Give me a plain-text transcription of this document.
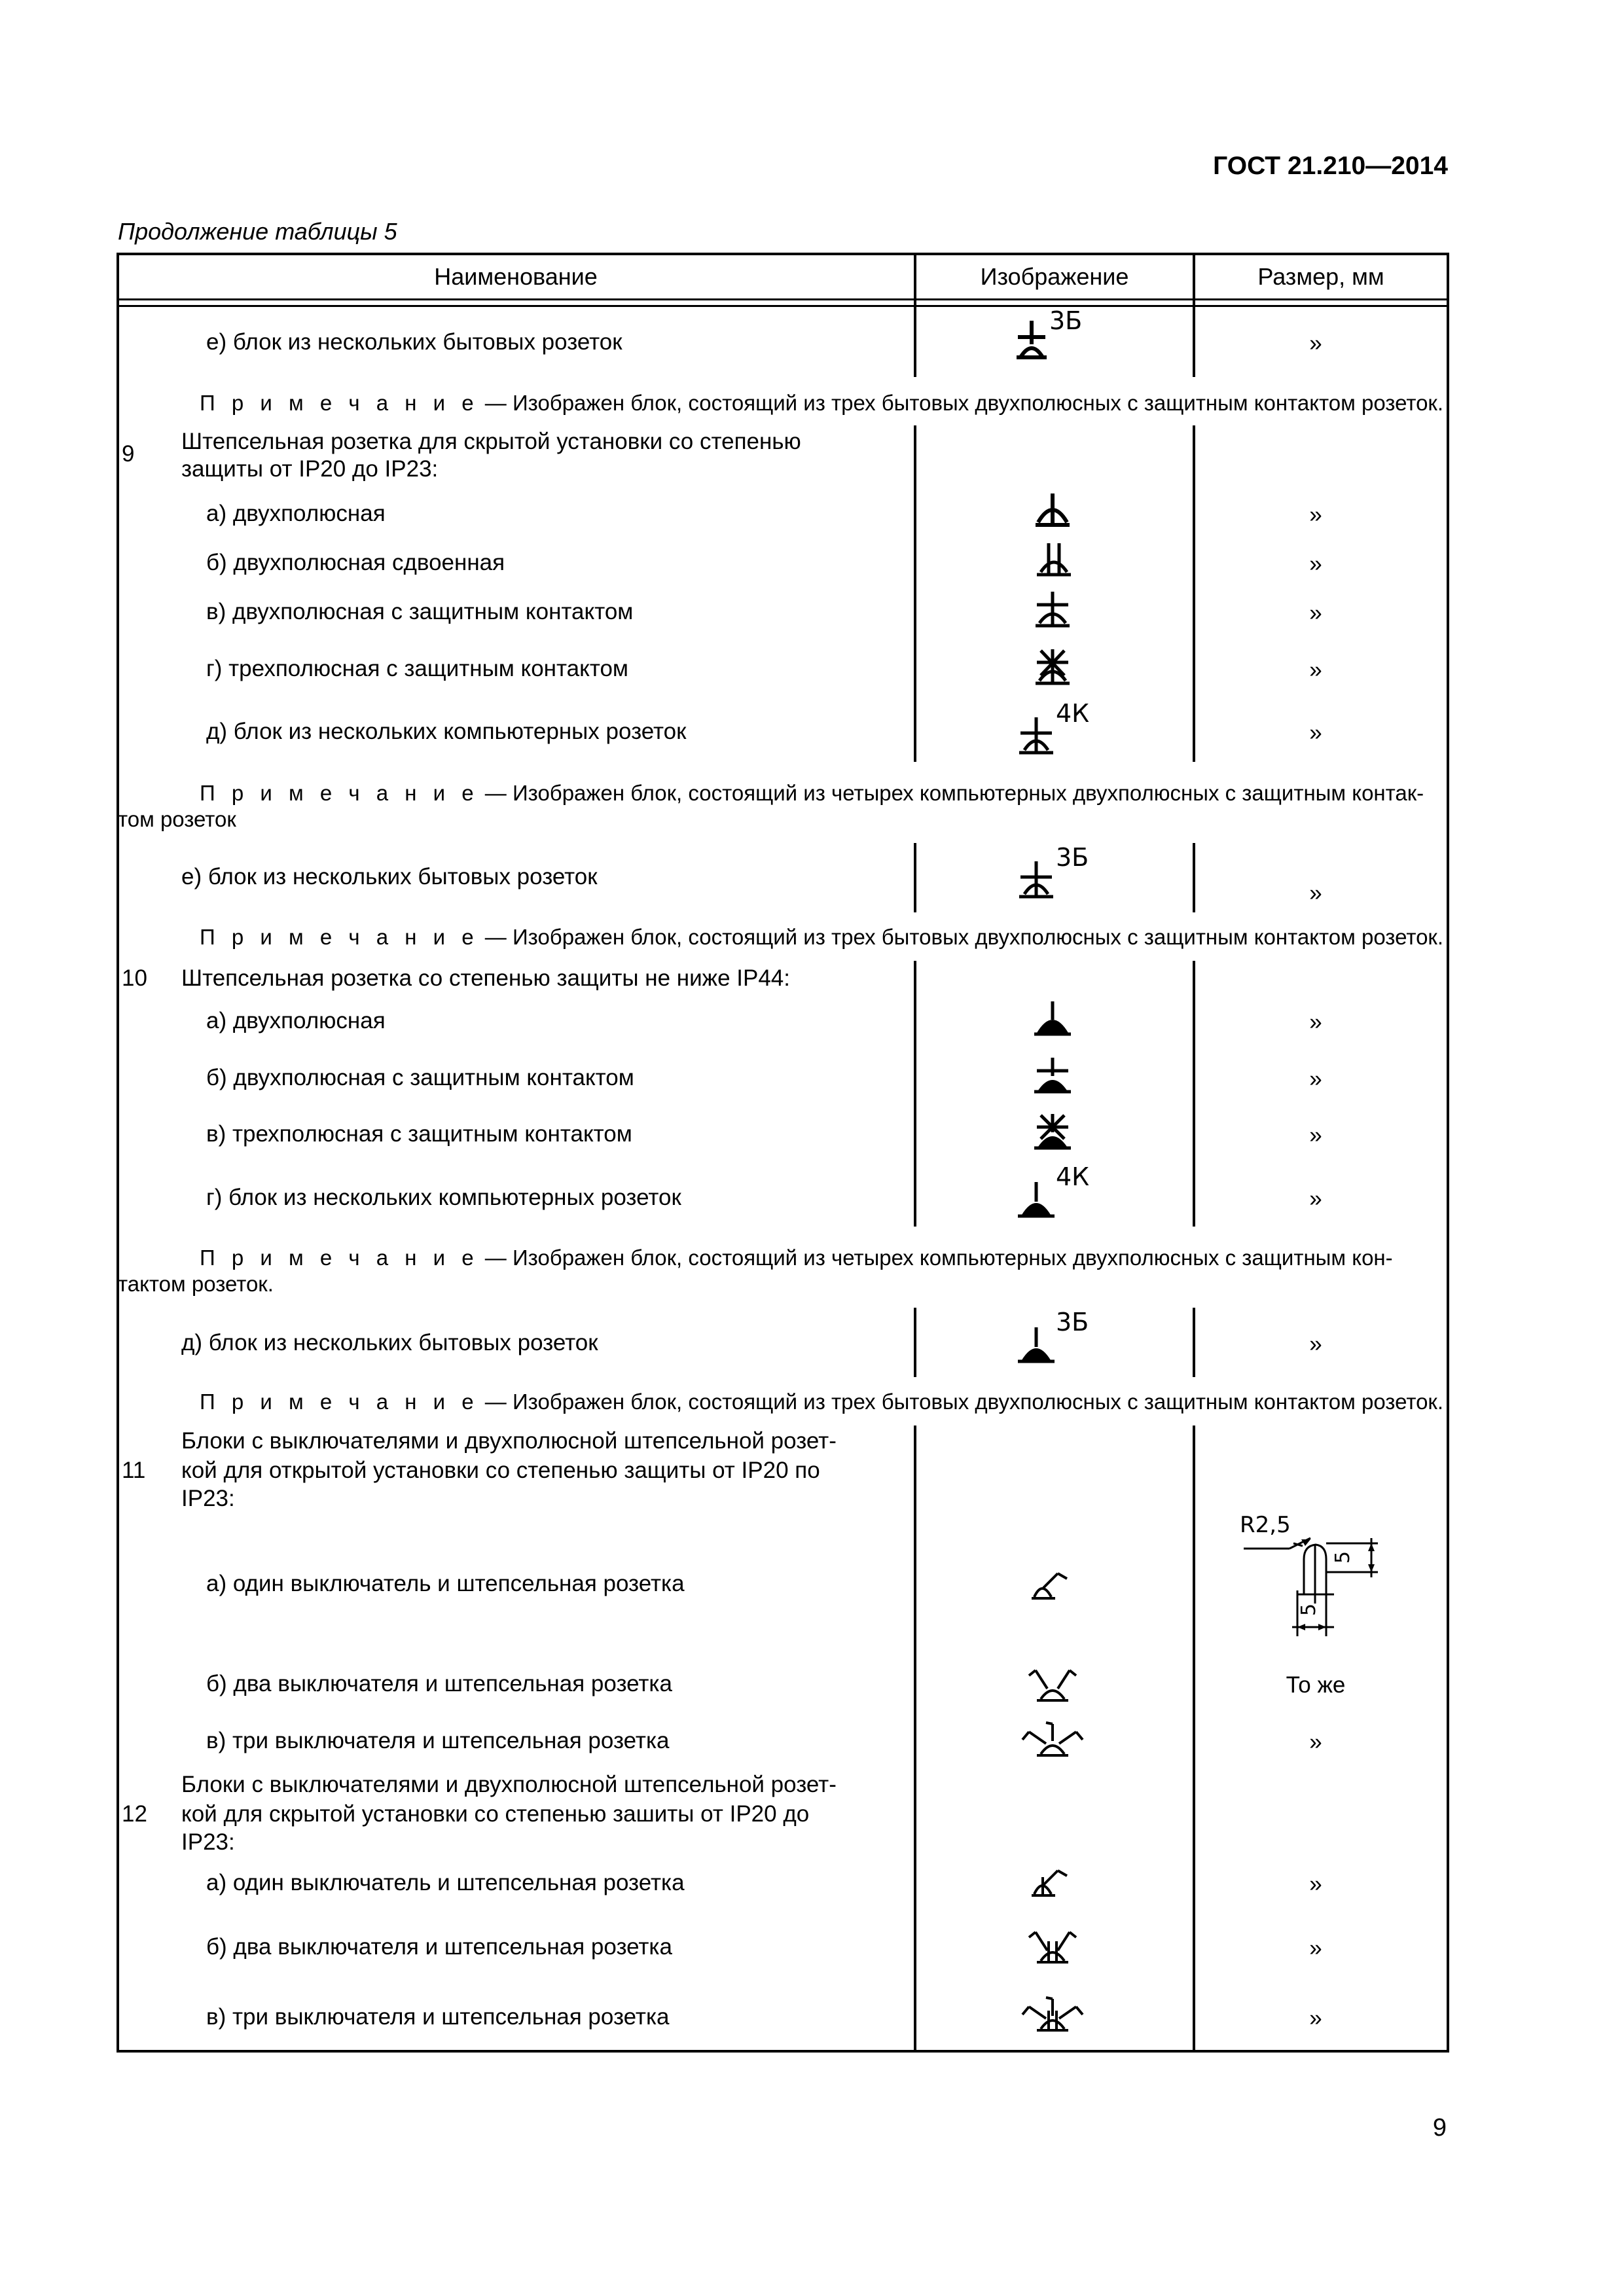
ГОСТ 21.210—2014
Продолжение таблицы 5
Наименование	Изображение	Размер, мм
е) блок из нескольких бытовых розеток
П р и м е ч а н и е — Изображен блок, состоящий из трех бытовых двухполюсных с защитным контактом розеток.
9 Штепсельная розетка для скрытой установки со степенью
защиты от IP20 до IP23:
а) двухполюсная
б) двухполюсная сдвоенная
в) двухполюсная с защитным контактом
г) трехполюсная с защитным контактом
д) блок из нескольких компьютерных розеток
П р и м е ч а н и е — Изображен блок, состоящий из четырех компьютерных двухполюсных с защитным контак-
том розеток
е) блок из нескольких бытовых розеток
П р и м е ч а н и е — Изображен блок, состоящий из трех бытовых двухполюсных с защитным контактом розеток.
10 Штепсельная розетка со степенью защиты не ниже IP44:
а) двухполюсная
б) двухполюсная с защитным контактом
в) трехполюсная с защитным контактом
г) блок из нескольких компьютерных розеток
П р и м е ч а н и е — Изображен блок, состоящий из четырех компьютерных двухполюсных с защитным кон-
тактом розеток.
д) блок из нескольких бытовых розеток
П р и м е ч а н и е — Изображен блок, состоящий из трех бытовых двухполюсных с защитным контактом розеток.
11
Блоки с выключателями и двухполюсной штепсельной розет-
кой для открытой установки со степенью защиты от IP20 по
IP23:
а) один выключатель и штепсельная розетка
б) два выключателя и штепсельная розетка
в) три выключателя и штепсельная розетка
12
Блоки с выключателями и двухполюсной штепсельной розет-
кой для скрытой установки со степенью зашиты от IP20 до
IP23:
а) один выключатель и штепсельная розетка
б) два выключателя и штепсельная розетка
в) три выключателя и штепсельная розетка
»
»
»
»
»
»
»
»
»
»
»
»
То же
»
»
»
»
R2,5
5
5
3Б
4К
3Б
4К
3Б
9
